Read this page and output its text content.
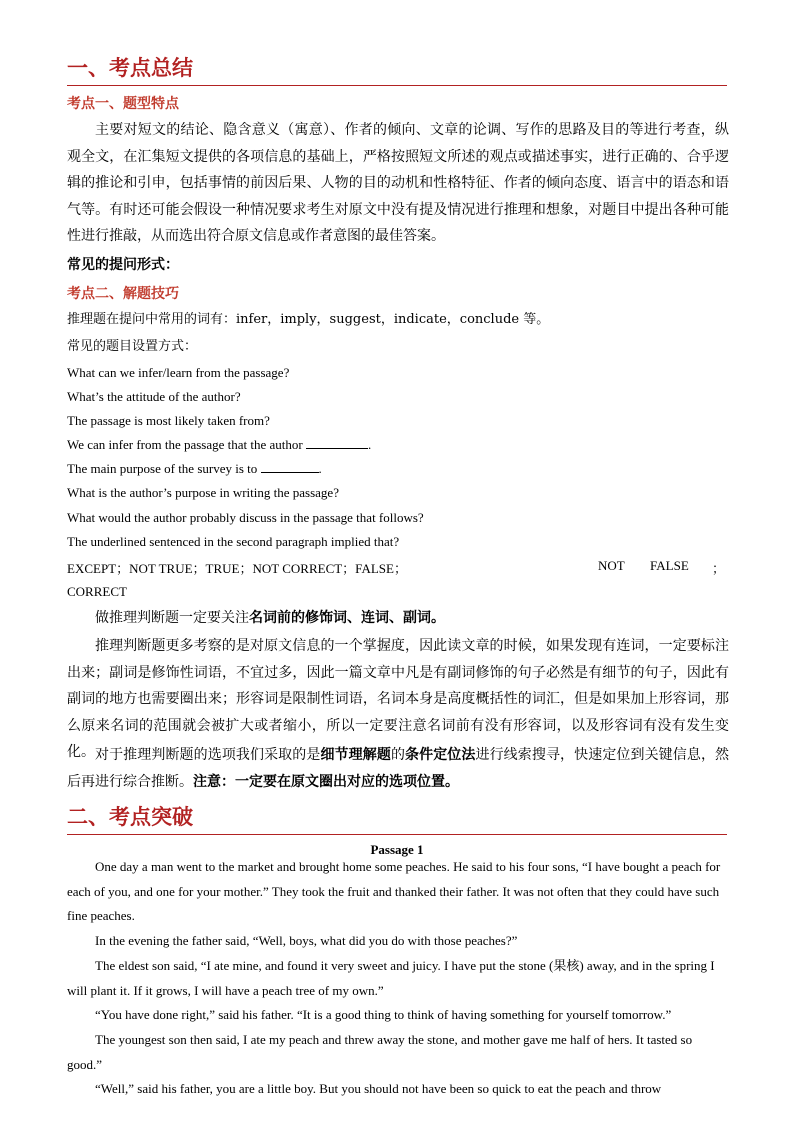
一、考点总结
考点一、题型特点
主要对短文的结论、隐含意义（寓意）、作者的倾向、文章的论调、写作的思路及目的等进行考查，纵观全文，在汇集短文提供的各项信息的基础上，严格按照短文所述的观点或描述事实，进行正确的、合乎逻辑的推论和引申，包括事情的前因后果、人物的目的动机和性格特征、作者的倾向态度、语言中的语态和语气等。有时还可能会假设一种情况要求考生对原文中没有提及情况进行推理和想象，对题目中提出各种可能性进行推敲，从而选出符合原文信息或作者意图的最佳答案。
常见的提问形式：
考点二、解题技巧
推理题在提问中常用的词有：infer，imply，suggest，indicate，conclude 等。
常见的题目设置方式：
What can we infer/learn from the passage?
What’s the attitude of the author?
The passage is most likely taken from?
We can infer from the passage that the author	.
The main purpose of the survey is to	.
What is the author’s purpose in writing the passage?
What would the author probably discuss in the passage that follows?
The underlined sentenced in the second paragraph implied that?
EXCEPT；NOT TRUE；TRUE；NOT CORRECT；FALSE；	NOT FALSE ；
CORRECT
做推理判断题一定要关注名词前的修饰词、连词、副词。
推理判断题更多考察的是对原文信息的一个掌握度，因此读文章的时候，如果发现有连词，一定要标注出来；副词是修饰性词语，不宜过多，因此一篇文章中凡是有副词修饰的句子必然是有细节的句子，因此有副词的地方也需要圈出来；形容词是限制性词语，名词本身是高度概括性的词汇，但是如果加上形容词，那么原来名词的范围就会被扩大或者缩小，所以一定要注意名词前有没有形容词，以及形容词有没有发生变化。 对于推理判断题的选项我们采取的是细节理解题的条件定位法进行线索搜寻，快速定位到关键信息，然后再进行综合推断。注意：一定要在原文圈出对应的选项位置。
二、考点突破
Passage 1
One day a man went to the market and brought home some peaches. He said to his four sons, “I have bought a peach for each of you, and one for your mother.” They took the fruit and thanked their father. It was not often that they could have such fine peaches.
In the evening the father said, “Well, boys, what did you do with those peaches?”
The eldest son said, “I ate mine, and found it very sweet and juicy. I have put the stone (果核) away, and in the spring I will plant it. If it grows, I will have a peach tree of my own.”
“You have done right,” said his father. “It is a good thing to think of having something for yourself tomorrow.”
The youngest son then said, I ate my peach and threw away the stone, and mother gave me half of hers. It tasted so good.”
“Well,” said his father, you are a little boy. But you should not have been so quick to eat the peach and throw
